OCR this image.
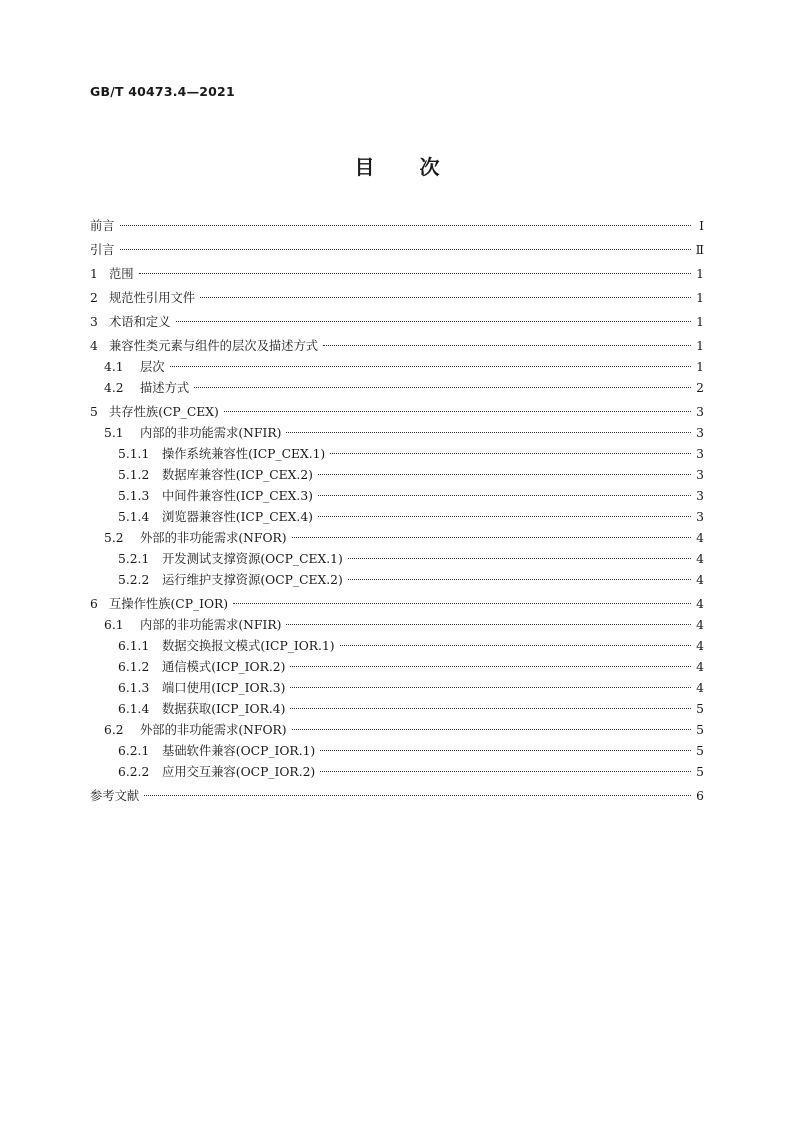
GB/T 40473.4—2021
目 次
前言	Ⅰ
引言	Ⅱ
1 范围	1
2 规范性引用文件	1
3 术语和定义	1
4 兼容性类元素与组件的层次及描述方式	1
4.1	层次	1
4.2	描述方式	2
5 共存性族(CP_CEX)	3
5.1	内部的非功能需求(NFIR)	3
5.1.1	操作系统兼容性(ICP_CEX.1)	3
5.1.2	数据库兼容性(ICP_CEX.2)	3
5.1.3	中间件兼容性(ICP_CEX.3)	3
5.1.4	浏览器兼容性(ICP_CEX.4)	3
5.2	外部的非功能需求(NFOR)	4
5.2.1	开发测试支撑资源(OCP_CEX.1)	4
5.2.2	运行维护支撑资源(OCP_CEX.2)	4
6 互操作性族(CP_IOR)	4
6.1	内部的非功能需求(NFIR)	4
6.1.1	数据交换报文模式(ICP_IOR.1)	4
6.1.2	通信模式(ICP_IOR.2)	4
6.1.3	端口使用(ICP_IOR.3)	4
6.1.4	数据获取(ICP_IOR.4)	5
6.2	外部的非功能需求(NFOR)	5
6.2.1	基础软件兼容(OCP_IOR.1)	5
6.2.2	应用交互兼容(OCP_IOR.2)	5
参考文献	6
